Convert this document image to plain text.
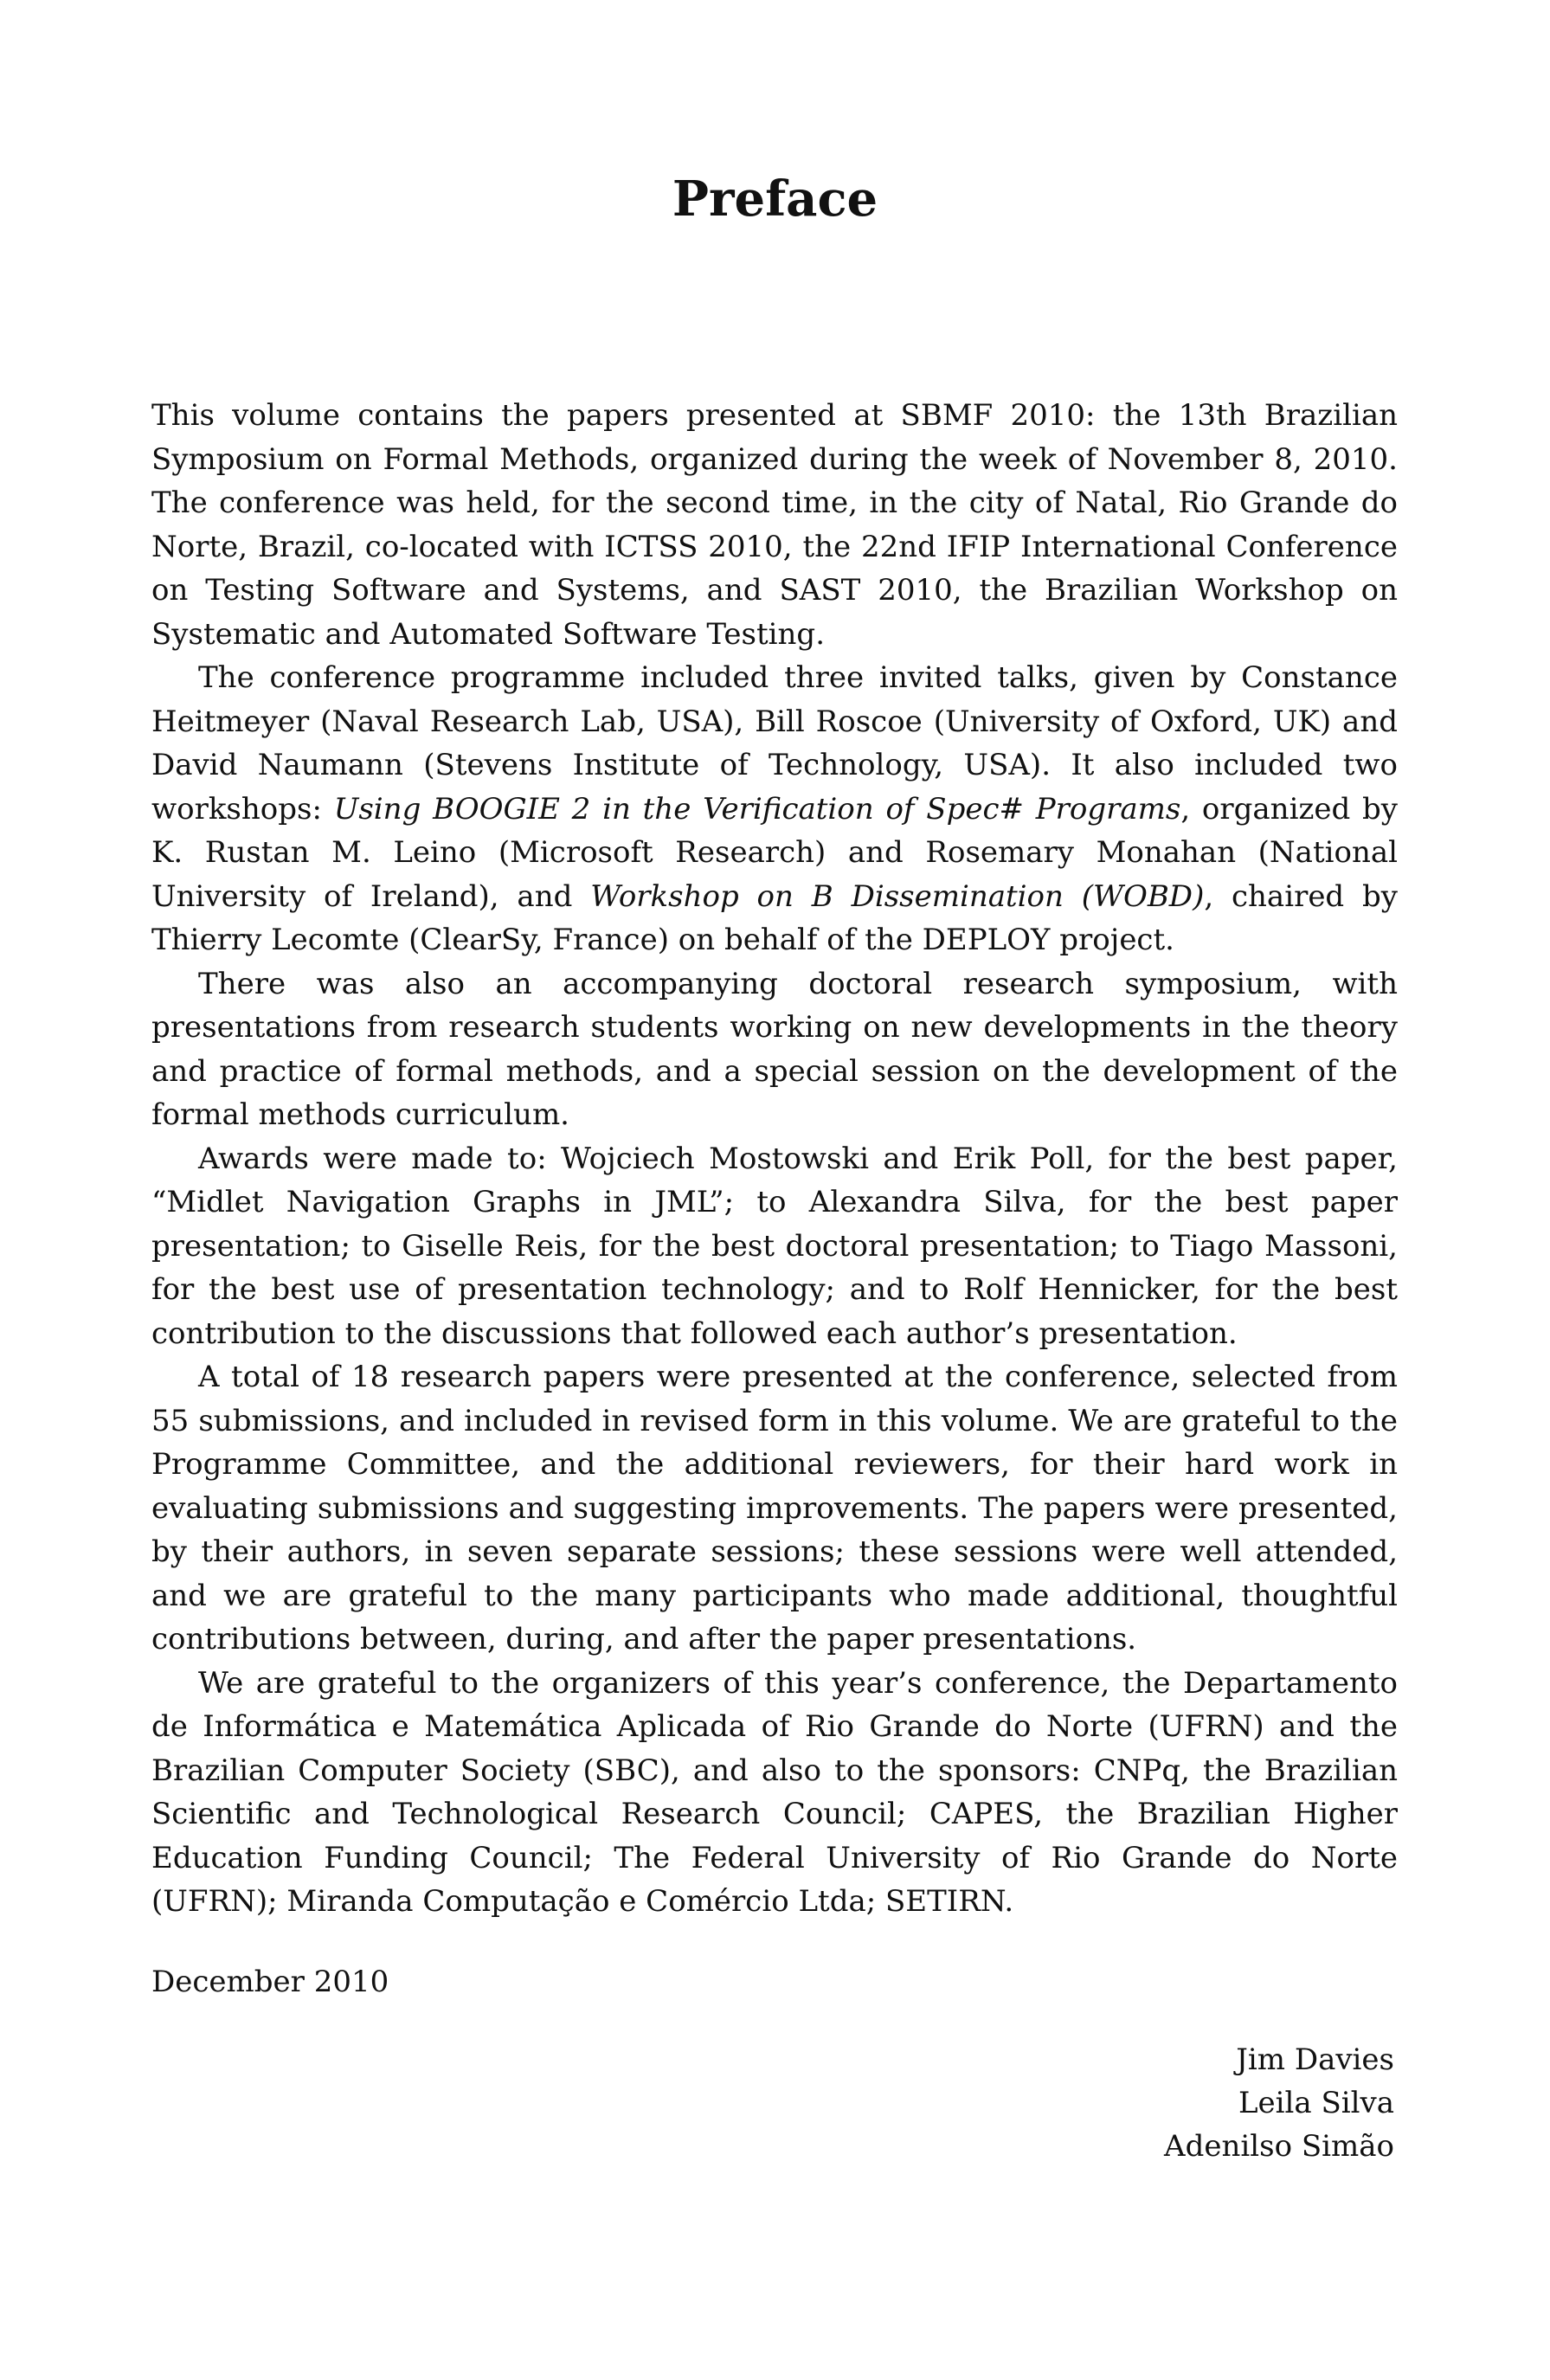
Preface

This volume contains the papers presented at SBMF 2010: the 13th Brazilian Symposium on Formal Methods, organized during the week of November 8, 2010. The conference was held, for the second time, in the city of Natal, Rio Grande do Norte, Brazil, co-located with ICTSS 2010, the 22nd IFIP International Conference on Testing Software and Systems, and SAST 2010, the Brazilian Workshop on Systematic and Automated Software Testing.

The conference programme included three invited talks, given by Constance Heitmeyer (Naval Research Lab, USA), Bill Roscoe (University of Oxford, UK) and David Naumann (Stevens Institute of Technology, USA). It also included two workshops: Using BOOGIE 2 in the Verification of Spec# Programs, organized by K. Rustan M. Leino (Microsoft Research) and Rosemary Monahan (National University of Ireland), and Workshop on B Dissemination (WOBD), chaired by Thierry Lecomte (ClearSy, France) on behalf of the DEPLOY project.

There was also an accompanying doctoral research symposium, with presentations from research students working on new developments in the theory and practice of formal methods, and a special session on the development of the formal methods curriculum.

Awards were made to: Wojciech Mostowski and Erik Poll, for the best paper, “Midlet Navigation Graphs in JML”; to Alexandra Silva, for the best paper presentation; to Giselle Reis, for the best doctoral presentation; to Tiago Massoni, for the best use of presentation technology; and to Rolf Hennicker, for the best contribution to the discussions that followed each author’s presentation.

A total of 18 research papers were presented at the conference, selected from 55 submissions, and included in revised form in this volume. We are grateful to the Programme Committee, and the additional reviewers, for their hard work in evaluating submissions and suggesting improvements. The papers were presented, by their authors, in seven separate sessions; these sessions were well attended, and we are grateful to the many participants who made additional, thoughtful contributions between, during, and after the paper presentations.

We are grateful to the organizers of this year’s conference, the Departamento de Informática e Matemática Aplicada of Rio Grande do Norte (UFRN) and the Brazilian Computer Society (SBC), and also to the sponsors: CNPq, the Brazilian Scientific and Technological Research Council; CAPES, the Brazilian Higher Education Funding Council; The Federal University of Rio Grande do Norte (UFRN); Miranda Computação e Comércio Ltda; SETIRN.

December 2010
Jim Davies
Leila Silva
Adenilso Simão
